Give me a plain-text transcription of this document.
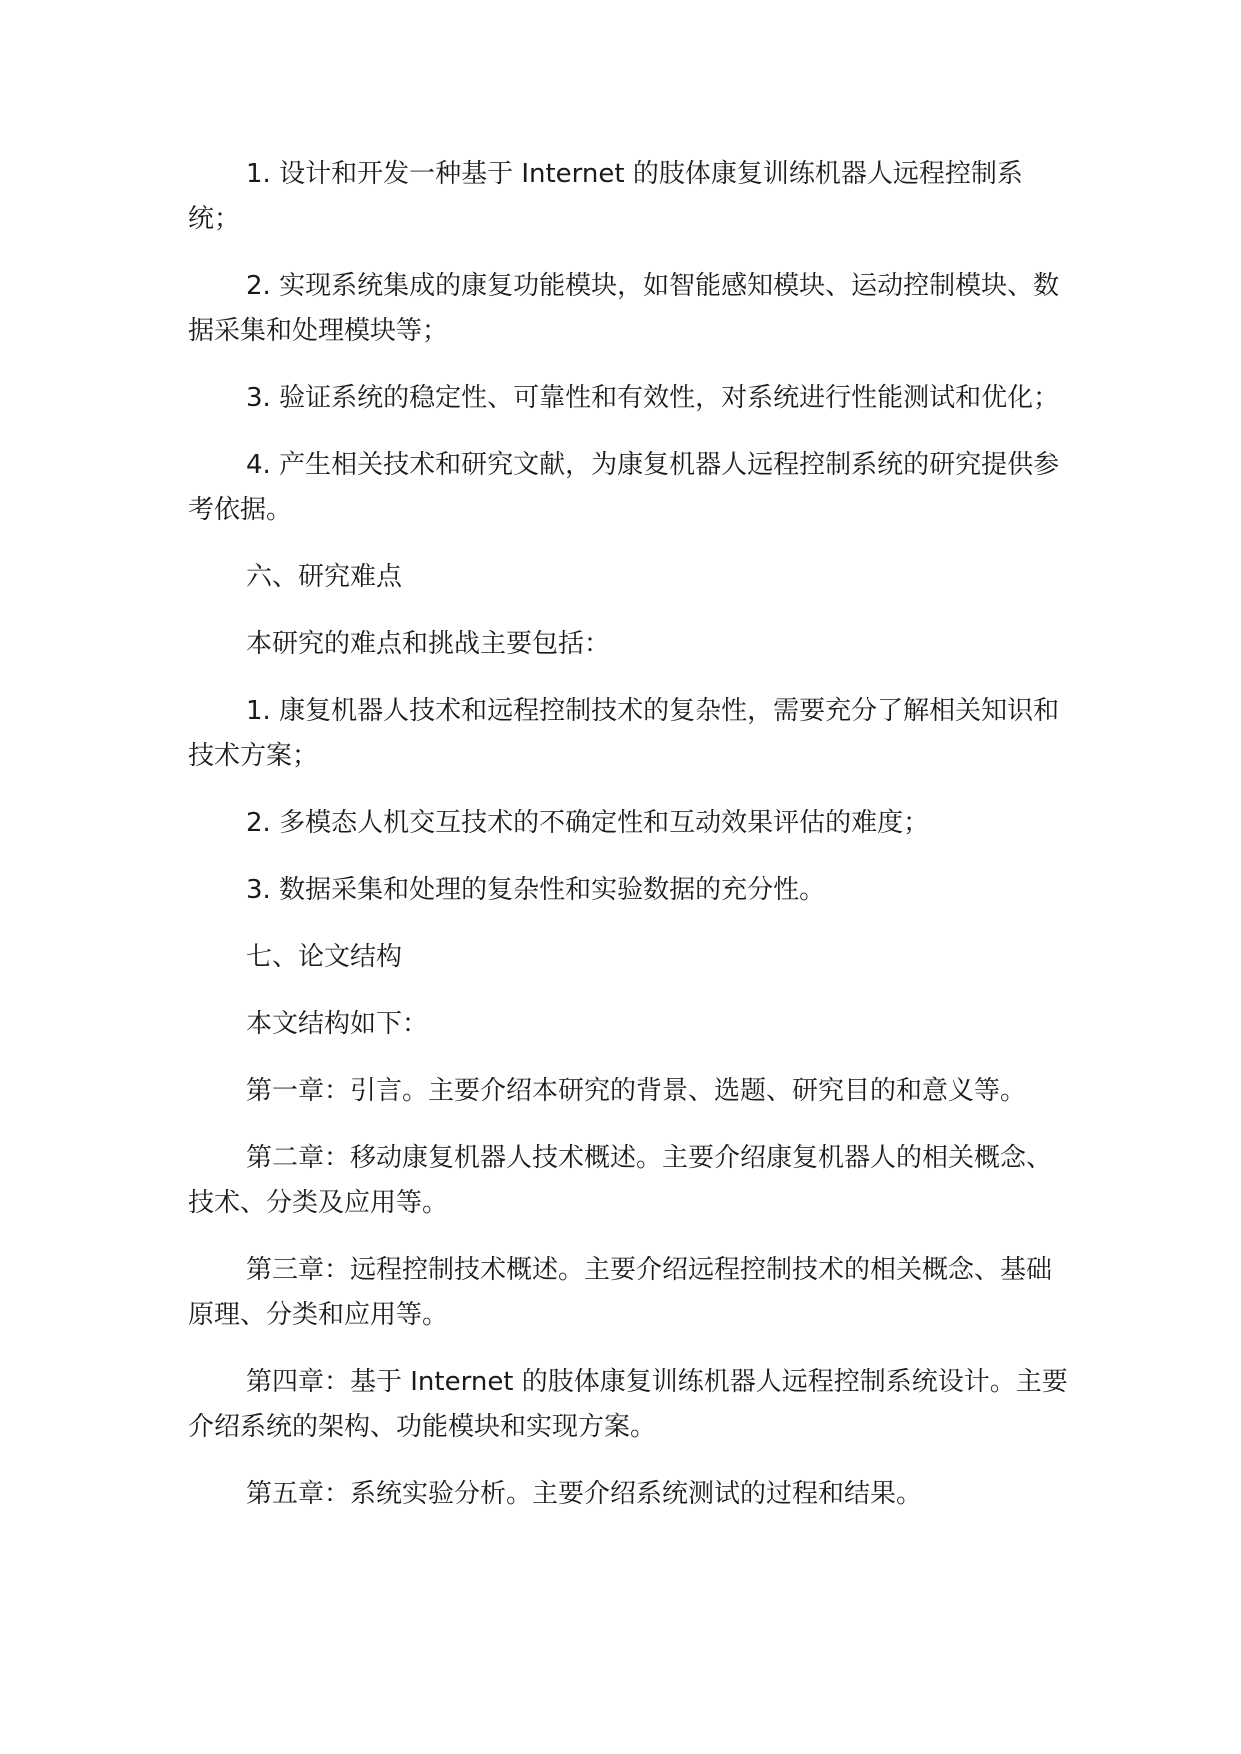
1. 设计和开发一种基于 Internet 的肢体康复训练机器人远程控制系统；

2. 实现系统集成的康复功能模块，如智能感知模块、运动控制模块、数据采集和处理模块等；

3. 验证系统的稳定性、可靠性和有效性，对系统进行性能测试和优化；

4. 产生相关技术和研究文献，为康复机器人远程控制系统的研究提供参考依据。

六、研究难点

本研究的难点和挑战主要包括：

1. 康复机器人技术和远程控制技术的复杂性，需要充分了解相关知识和技术方案；

2. 多模态人机交互技术的不确定性和互动效果评估的难度；

3. 数据采集和处理的复杂性和实验数据的充分性。

七、论文结构

本文结构如下：

第一章：引言。主要介绍本研究的背景、选题、研究目的和意义等。

第二章：移动康复机器人技术概述。主要介绍康复机器人的相关概念、技术、分类及应用等。

第三章：远程控制技术概述。主要介绍远程控制技术的相关概念、基础原理、分类和应用等。

第四章：基于 Internet 的肢体康复训练机器人远程控制系统设计。主要介绍系统的架构、功能模块和实现方案。

第五章：系统实验分析。主要介绍系统测试的过程和结果。
